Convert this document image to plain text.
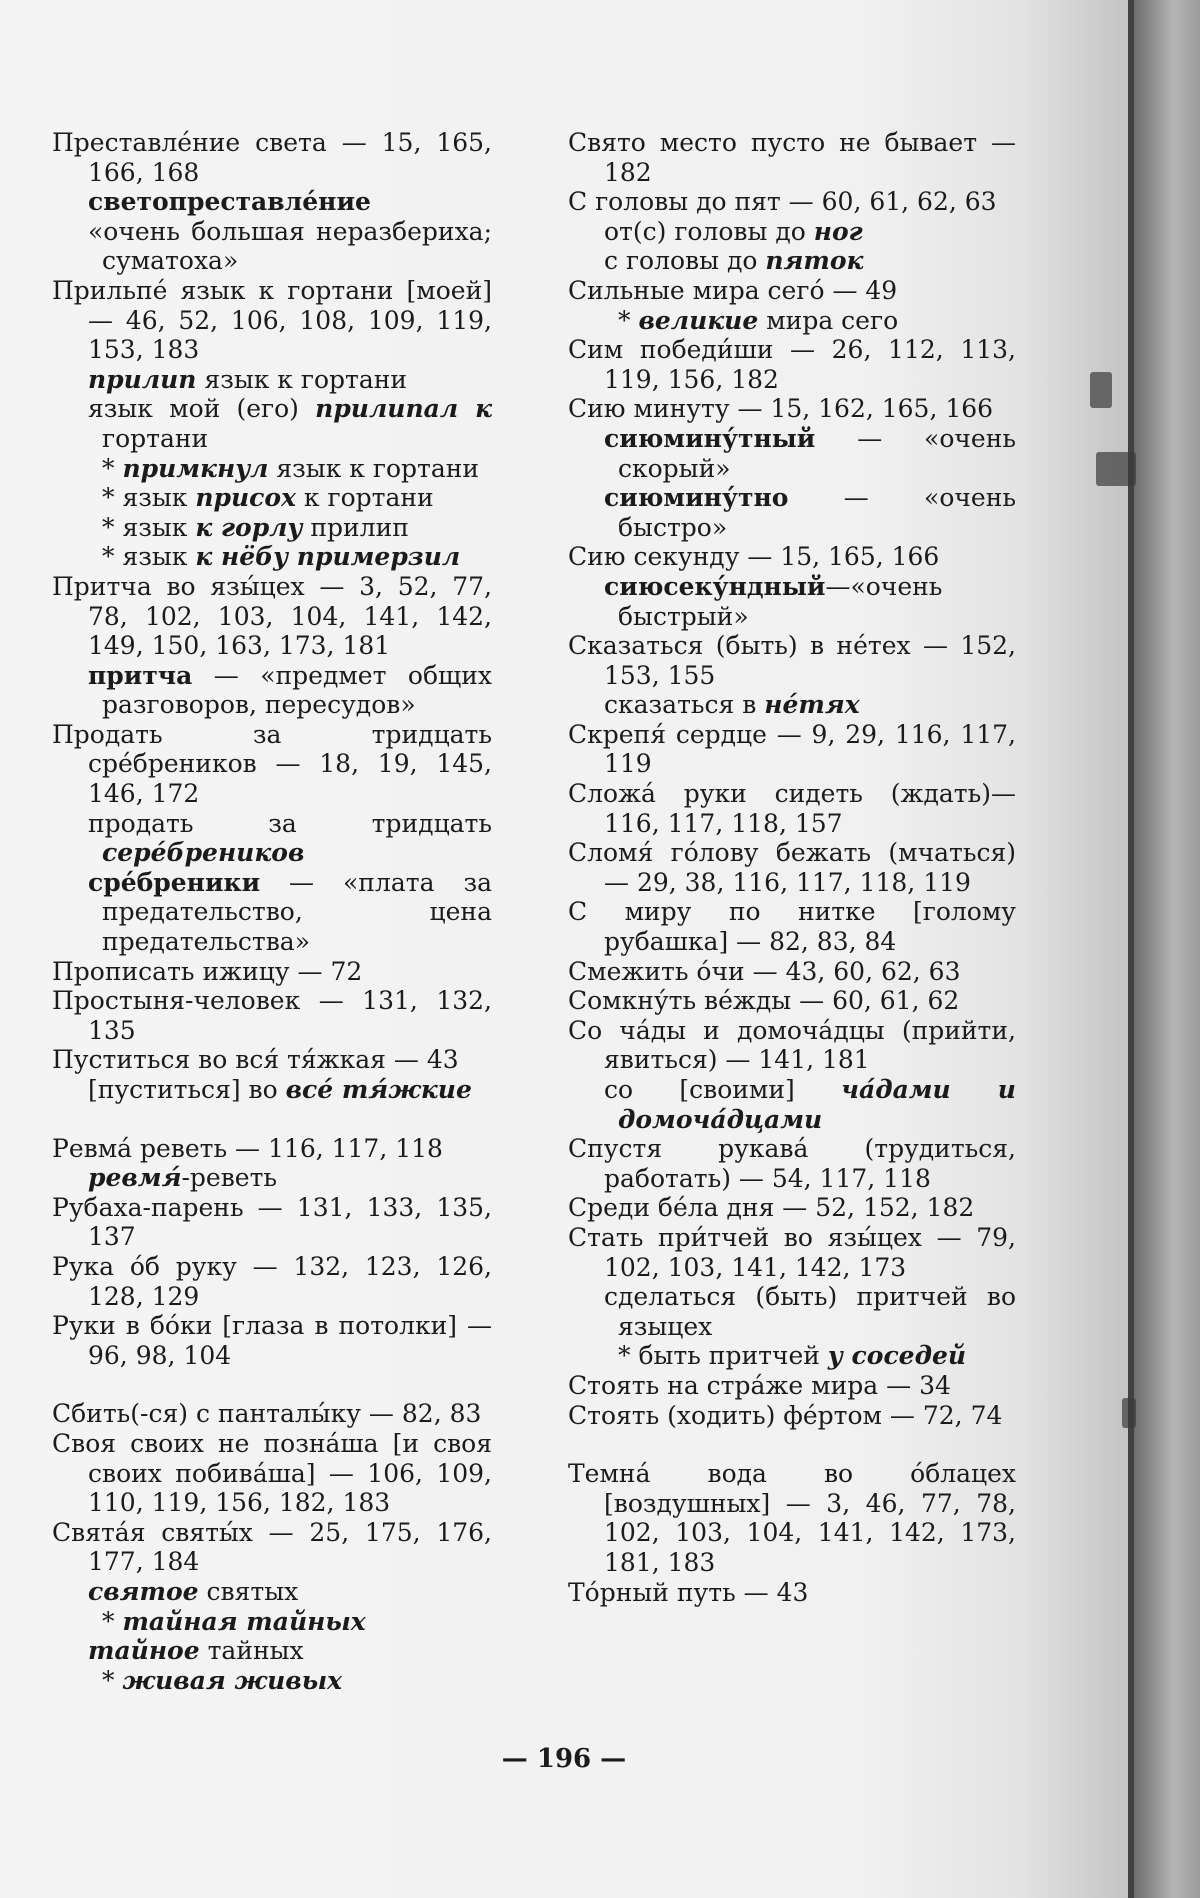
Преставлéние света — 15, 165, 166, 168

светопреставлéние

«очень большая неразбериха; суматоха»

Прильпé язык к гортани [моей] — 46, 52, 106, 108, 109, 119, 153, 183

прилип язык к гортани

язык мой (его) прилипал к гортани

* примкнул язык к гортани

* язык присох к гортани

* язык к горлу прилип

* язык к нёбу примерзил

Притча во язы́цех — 3, 52, 77, 78, 102, 103, 104, 141, 142, 149, 150, 163, 173, 181

притча — «предмет общих разговоров, пересудов»

Продать за тридцать сре́бреников — 18, 19, 145, 146, 172

продать за тридцать серéбреников

сре́бреники — «плата за предательство, цена предательства»

Прописать ижицу — 72

Простыня-человек — 131, 132, 135

Пуститься во вся́ тя́жкая — 43

[пуститься] во всé тя́жкие

Ревма́ реветь — 116, 117, 118

ревмя́-реветь

Рубаха-парень — 131, 133, 135, 137

Рука óб руку — 132, 123, 126, 128, 129

Руки в бóки [глаза в потолки] — 96, 98, 104

Сбить(-ся) с панталы́ку — 82, 83

Своя своих не позна́ша [и своя своих побива́ша] — 106, 109, 110, 119, 156, 182, 183

Свята́я святы́х — 25, 175, 176, 177, 184

святое святых

* тайная тайных

тайное тайных

* живая живых

Свято место пусто не бывает — 182

С головы до пят — 60, 61, 62, 63

от(с) головы до ног

с головы до пяток

Сильные мира сегó — 49

* великие мира сего

Сим победи́ши — 26, 112, 113, 119, 156, 182

Сию минуту — 15, 162, 165, 166

сиюмину́тный — «очень скорый»

сиюмину́тно — «очень быстро»

Сию секунду — 15, 165, 166

сиюсеку́ндный—«очень быстрый»

Сказаться (быть) в нéтех — 152, 153, 155

сказаться в нéтях

Скрепя́ сердце — 9, 29, 116, 117, 119

Сложа́ руки сидеть (ждать)— 116, 117, 118, 157

Сломя́ гóлову бежать (мчаться) — 29, 38, 116, 117, 118, 119

С миру по нитке [голому рубашка] — 82, 83, 84

Смежить óчи — 43, 60, 62, 63

Сомкну́ть вéжды — 60, 61, 62

Со ча́ды и домоча́дцы (прийти, явиться) — 141, 181

со [своими] ча́дами и домоча́дцами

Спустя рукава́ (трудиться, работать) — 54, 117, 118

Среди бéла дня — 52, 152, 182

Стать при́тчей во язы́цех — 79, 102, 103, 141, 142, 173

сделаться (быть) притчей во языцех

* быть притчей у соседей

Стоять на стра́же мира — 34

Стоять (ходить) фéртом — 72, 74

Темна́ вода во óблацех [воздушных] — 3, 46, 77, 78, 102, 103, 104, 141, 142, 173, 181, 183

Тóрный путь — 43

— 196 —
